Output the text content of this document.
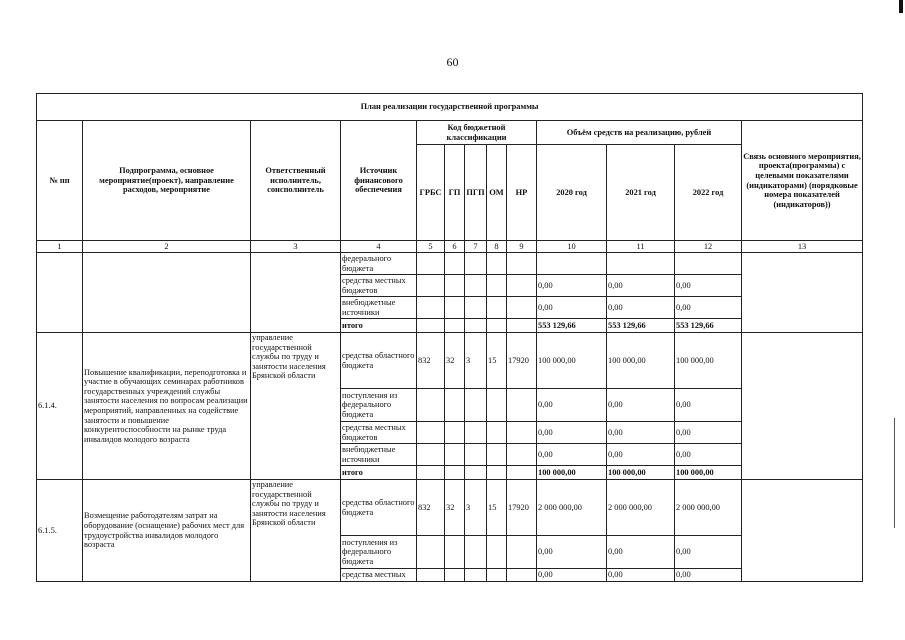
60
План реализации государственной программы												
№ пп	Подпрограмма, основное мероприятие(проект), направление расходов, мероприятие	Ответственный исполнитель, соисполнитель	Источник финансового обеспечения	Код бюджетной классификации					Объём средств на реализацию, рублей			Связь основного мероприятия, проекта(программы) с целевыми показателями (индикаторами) (порядковые номера показателей (индикаторов))
				ГРБС	ГП	ПГП	ОМ	НР	2020 год	2021 год	2022 год	
1	2	3	4	5	6	7	8	9	10	11	12	13
			федерального бюджета									
			средства местных бюджетов						0,00	0,00	0,00	
			внебюджетные источники						0,00	0,00	0,00	
			итого						553 129,66	553 129,66	553 129,66	
6.1.4.	Повышение квалификации, переподготовка и участие в обучающих семинарах работников государственных учреждений службы занятости населения по вопросам реализации мероприятий, направленных на содействие занятости и повышение конкурентоспособности на рынке труда инвалидов молодого возраста	управление государственной службы по труду и занятости населения Брянской области	средства областного бюджета	832	32	3	15	17920	100 000,00	100 000,00	100 000,00	
			поступления из федерального бюджета						0,00	0,00	0,00	
			средства местных бюджетов						0,00	0,00	0,00	
			внебюджетные источники						0,00	0,00	0,00	
			итого						100 000,00	100 000,00	100 000,00	
6.1.5.	Возмещение работодателям затрат на оборудование (оснащение) рабочих мест для трудоустройства инвалидов молодого возраста	управление государственной службы по труду и занятости населения Брянской области	средства областного бюджета	832	32	3	15	17920	2 000 000,00	2 000 000,00	2 000 000,00	
			поступления из федерального бюджета						0,00	0,00	0,00	
			средства местных						0,00	0,00	0,00	
